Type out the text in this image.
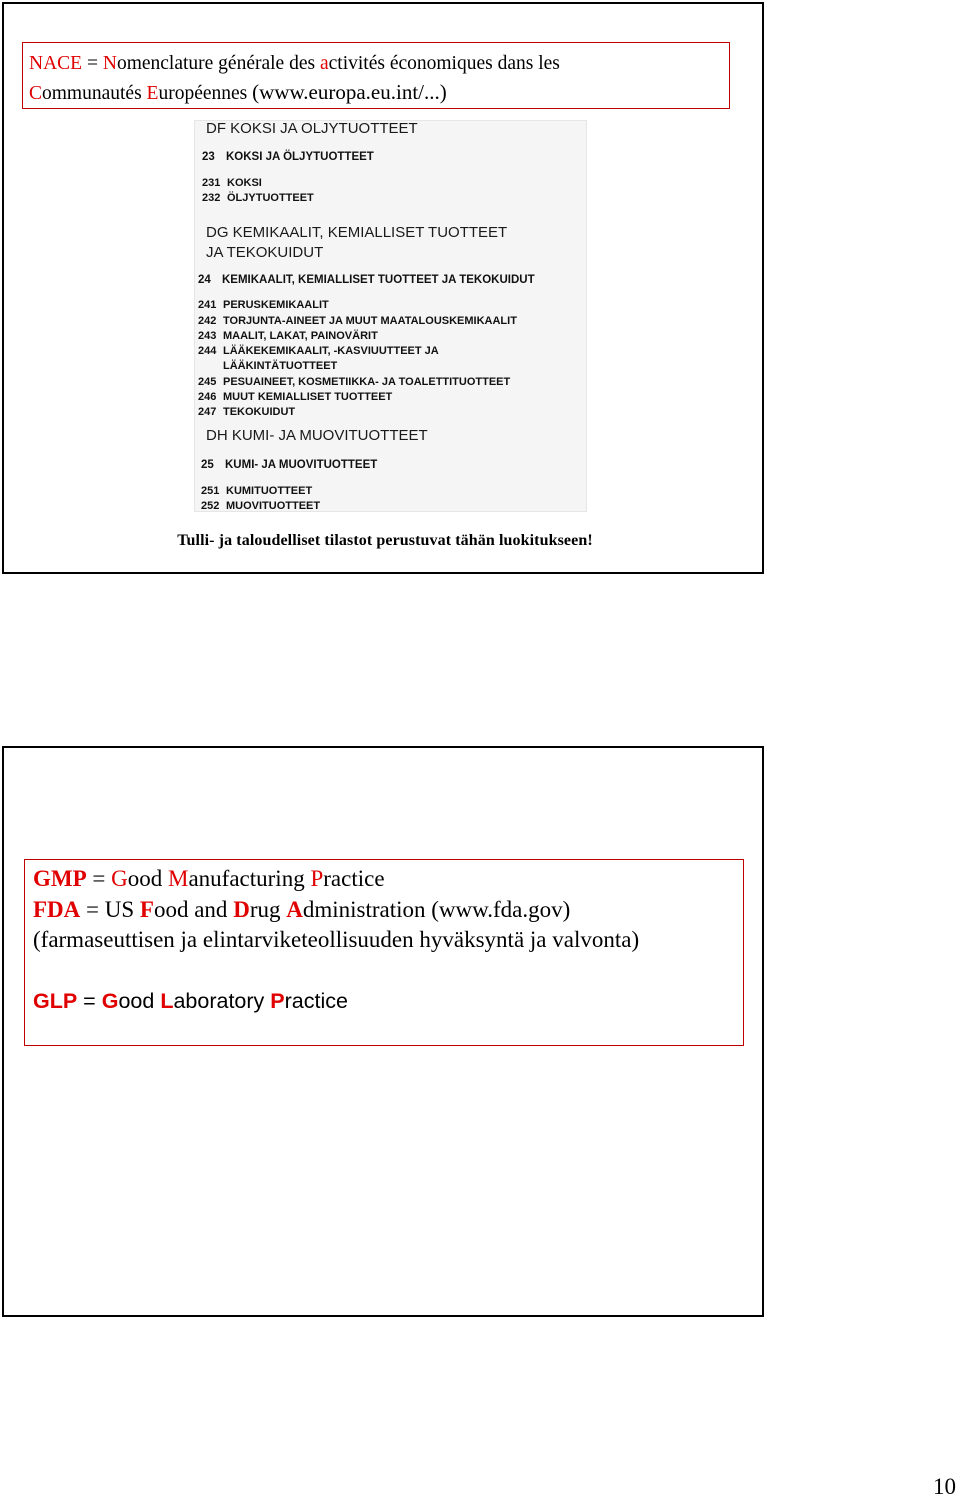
NACE = Nomenclature générale des activités économiques dans les
Communautés Européennes (www.europa.eu.int/...)
DF KOKSI JA OLJYTUOTTEET
23 KOKSI JA ÖLJYTUOTTEET
231 KOKSI
232 ÖLJYTUOTTEET
DG KEMIKAALIT, KEMIALLISET TUOTTEET
JA TEKOKUIDUT
24 KEMIKAALIT, KEMIALLISET TUOTTEET JA TEKOKUIDUT
241 PERUSKEMIKAALIT
242 TORJUNTA-AINEET JA MUUT MAATALOUSKEMIKAALIT
243 MAALIT, LAKAT, PAINOVÄRIT
244 LÄÄKEKEMIKAALIT, -KASVIUUTTEET JA
LÄÄKINTÄTUOTTEET
245 PESUAINEET, KOSMETIIKKA- JA TOALETTITUOTTEET
246 MUUT KEMIALLISET TUOTTEET
247 TEKOKUIDUT
DH KUMI- JA MUOVITUOTTEET
25 KUMI- JA MUOVITUOTTEET
251 KUMITUOTTEET
252 MUOVITUOTTEET
Tulli- ja taloudelliset tilastot perustuvat tähän luokitukseen!
GMP = Good Manufacturing Practice
FDA = US Food and Drug Administration (www.fda.gov)
(farmaseuttisen ja elintarviketeollisuuden hyväksyntä ja valvonta)
GLP = Good Laboratory Practice
10
